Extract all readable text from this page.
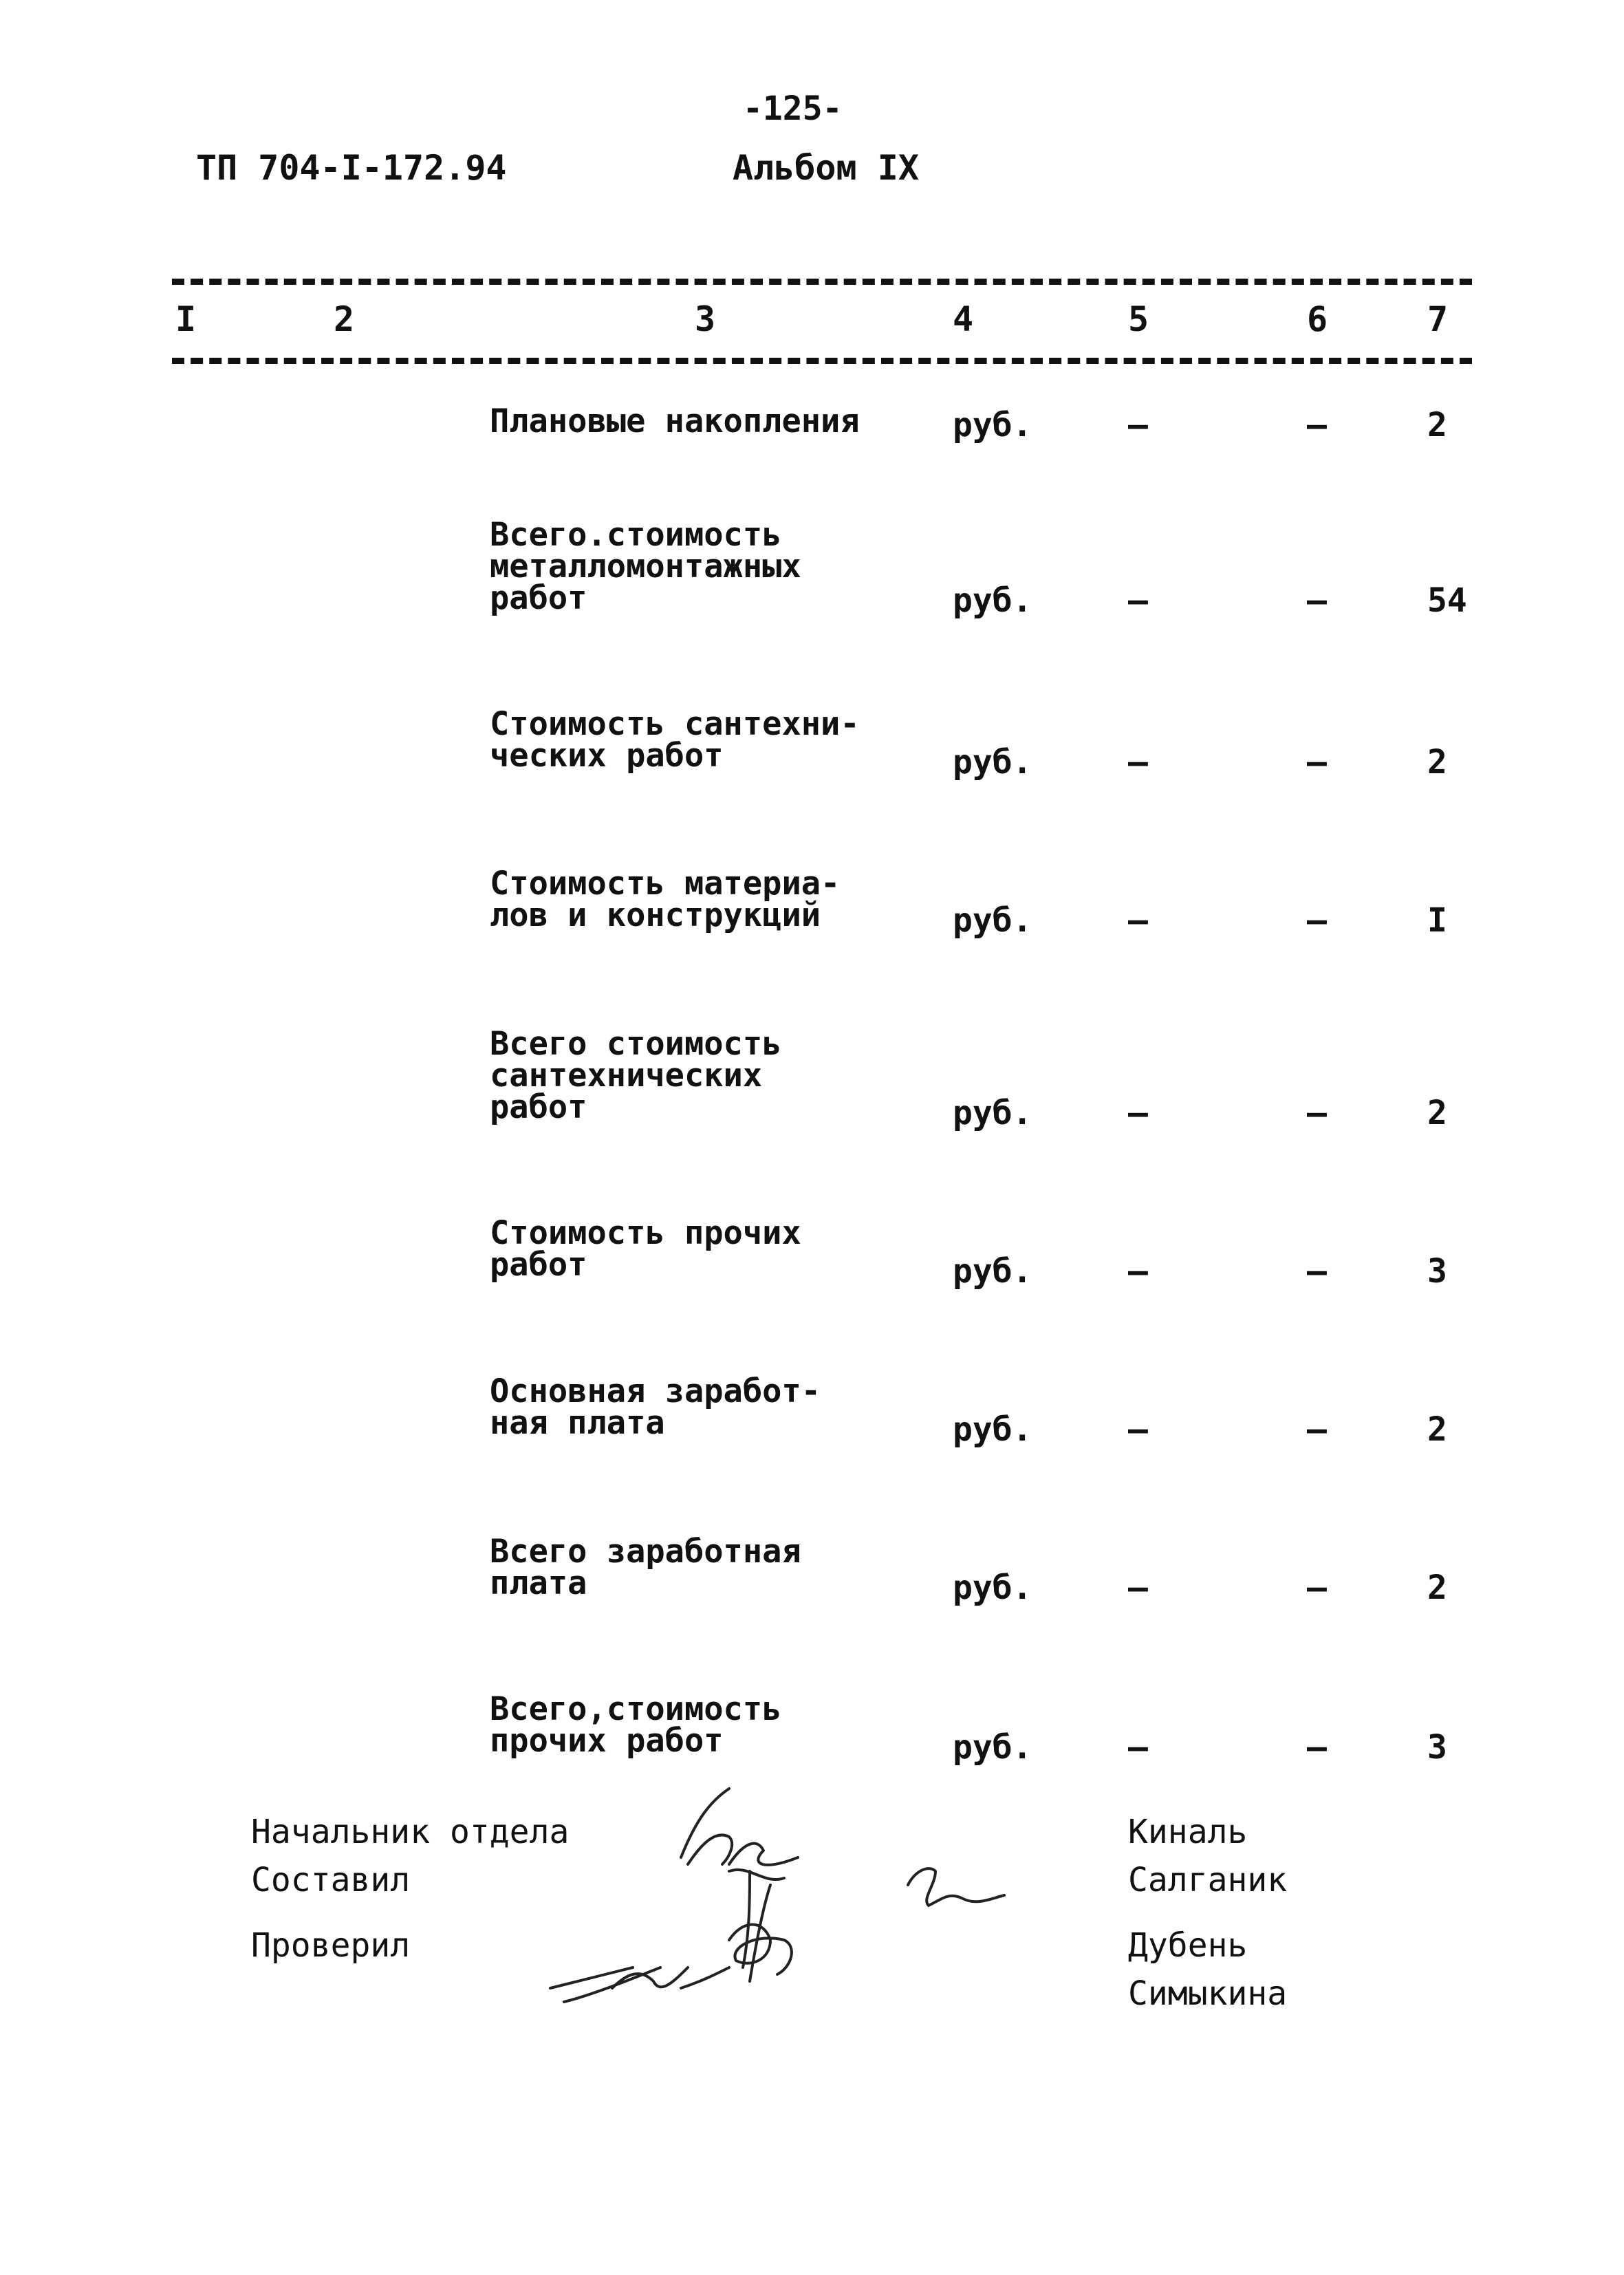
-125-
ТП 704-I-172.94	Альбом IX
I	2	3	4	5	6	7
Плановые накопления	руб.	–	–	2
Всего.стоимость
металломонтажных
работ	руб.	–	–	54
Стоимость сантехни-
ческих работ	руб.	–	–	2
Стоимость материа-
лов и конструкций	руб.	–	–	I
Всего стоимость
сантехнических
работ	руб.	–	–	2
Стоимость прочих
работ	руб.	–	–	3
Основная заработ-
ная плата	руб.	–	–	2
Всего заработная
плата	руб.	–	–	2
Всего,стоимость
прочих работ	руб.	–	–	3
Начальник отдела
Составил
Проверил
Киналь
Салганик
Дубень
Симыкина
